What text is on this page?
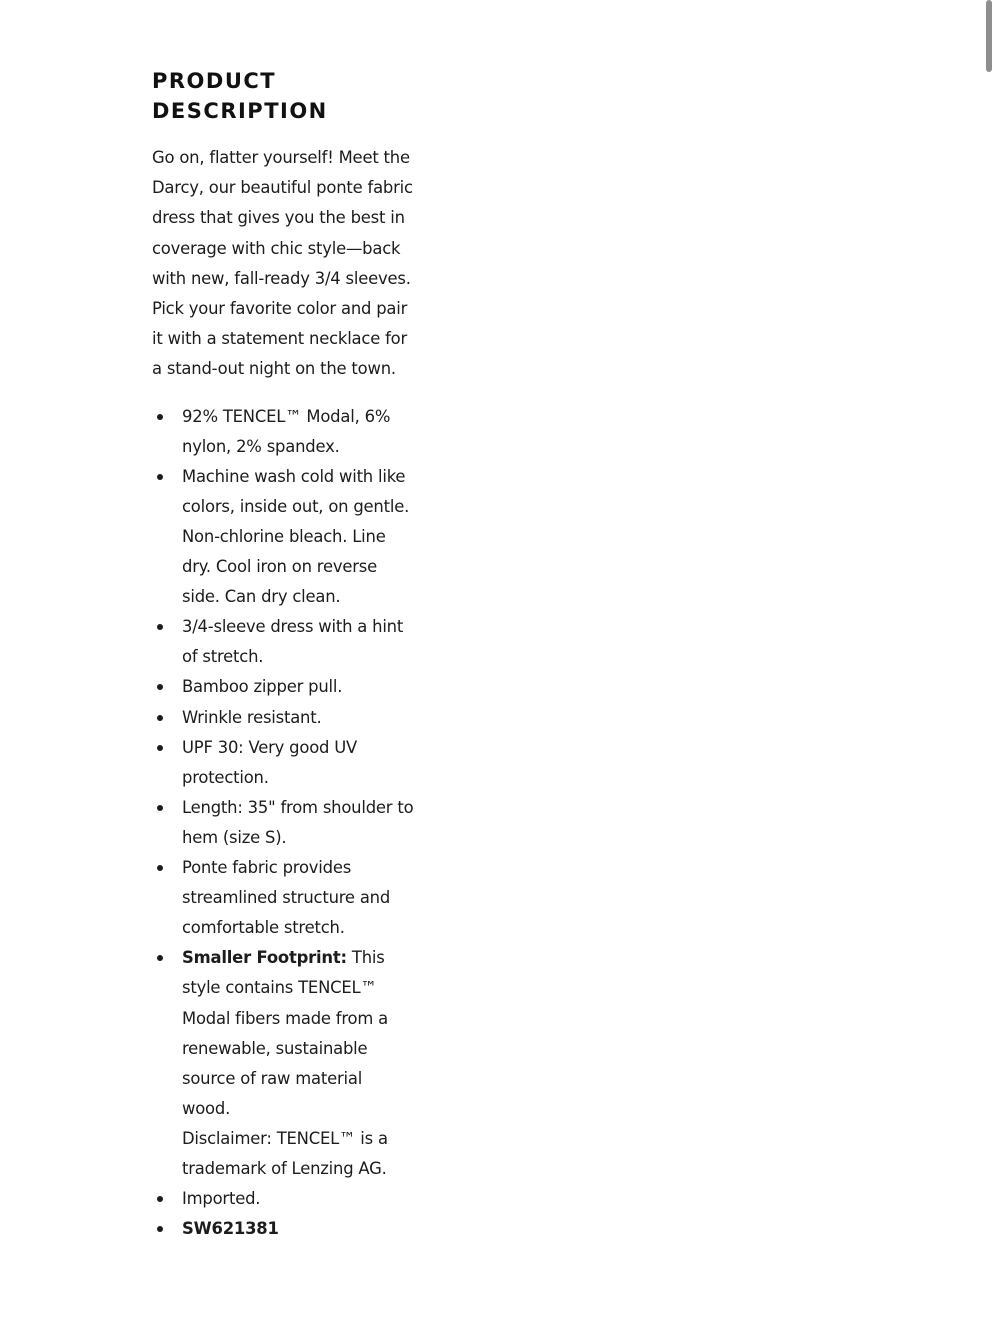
PRODUCT
DESCRIPTION

Go on, flatter yourself! Meet the Darcy, our beautiful ponte fabric dress that gives you the best in coverage with chic style—back with new, fall-ready 3/4 sleeves. Pick your favorite color and pair it with a statement necklace for a stand-out night on the town.

92% TENCEL™ Modal, 6% nylon, 2% spandex.
Machine wash cold with like colors, inside out, on gentle. Non-chlorine bleach. Line dry. Cool iron on reverse side. Can dry clean.
3/4-sleeve dress with a hint of stretch.
Bamboo zipper pull.
Wrinkle resistant.
UPF 30: Very good UV protection.
Length: 35" from shoulder to hem (size S).
Ponte fabric provides streamlined structure and comfortable stretch.
Smaller Footprint: This style contains TENCEL™ Modal fibers made from a renewable, sustainable source of raw material wood.
Disclaimer: TENCEL™ is a trademark of Lenzing AG.
Imported.
SW621381
